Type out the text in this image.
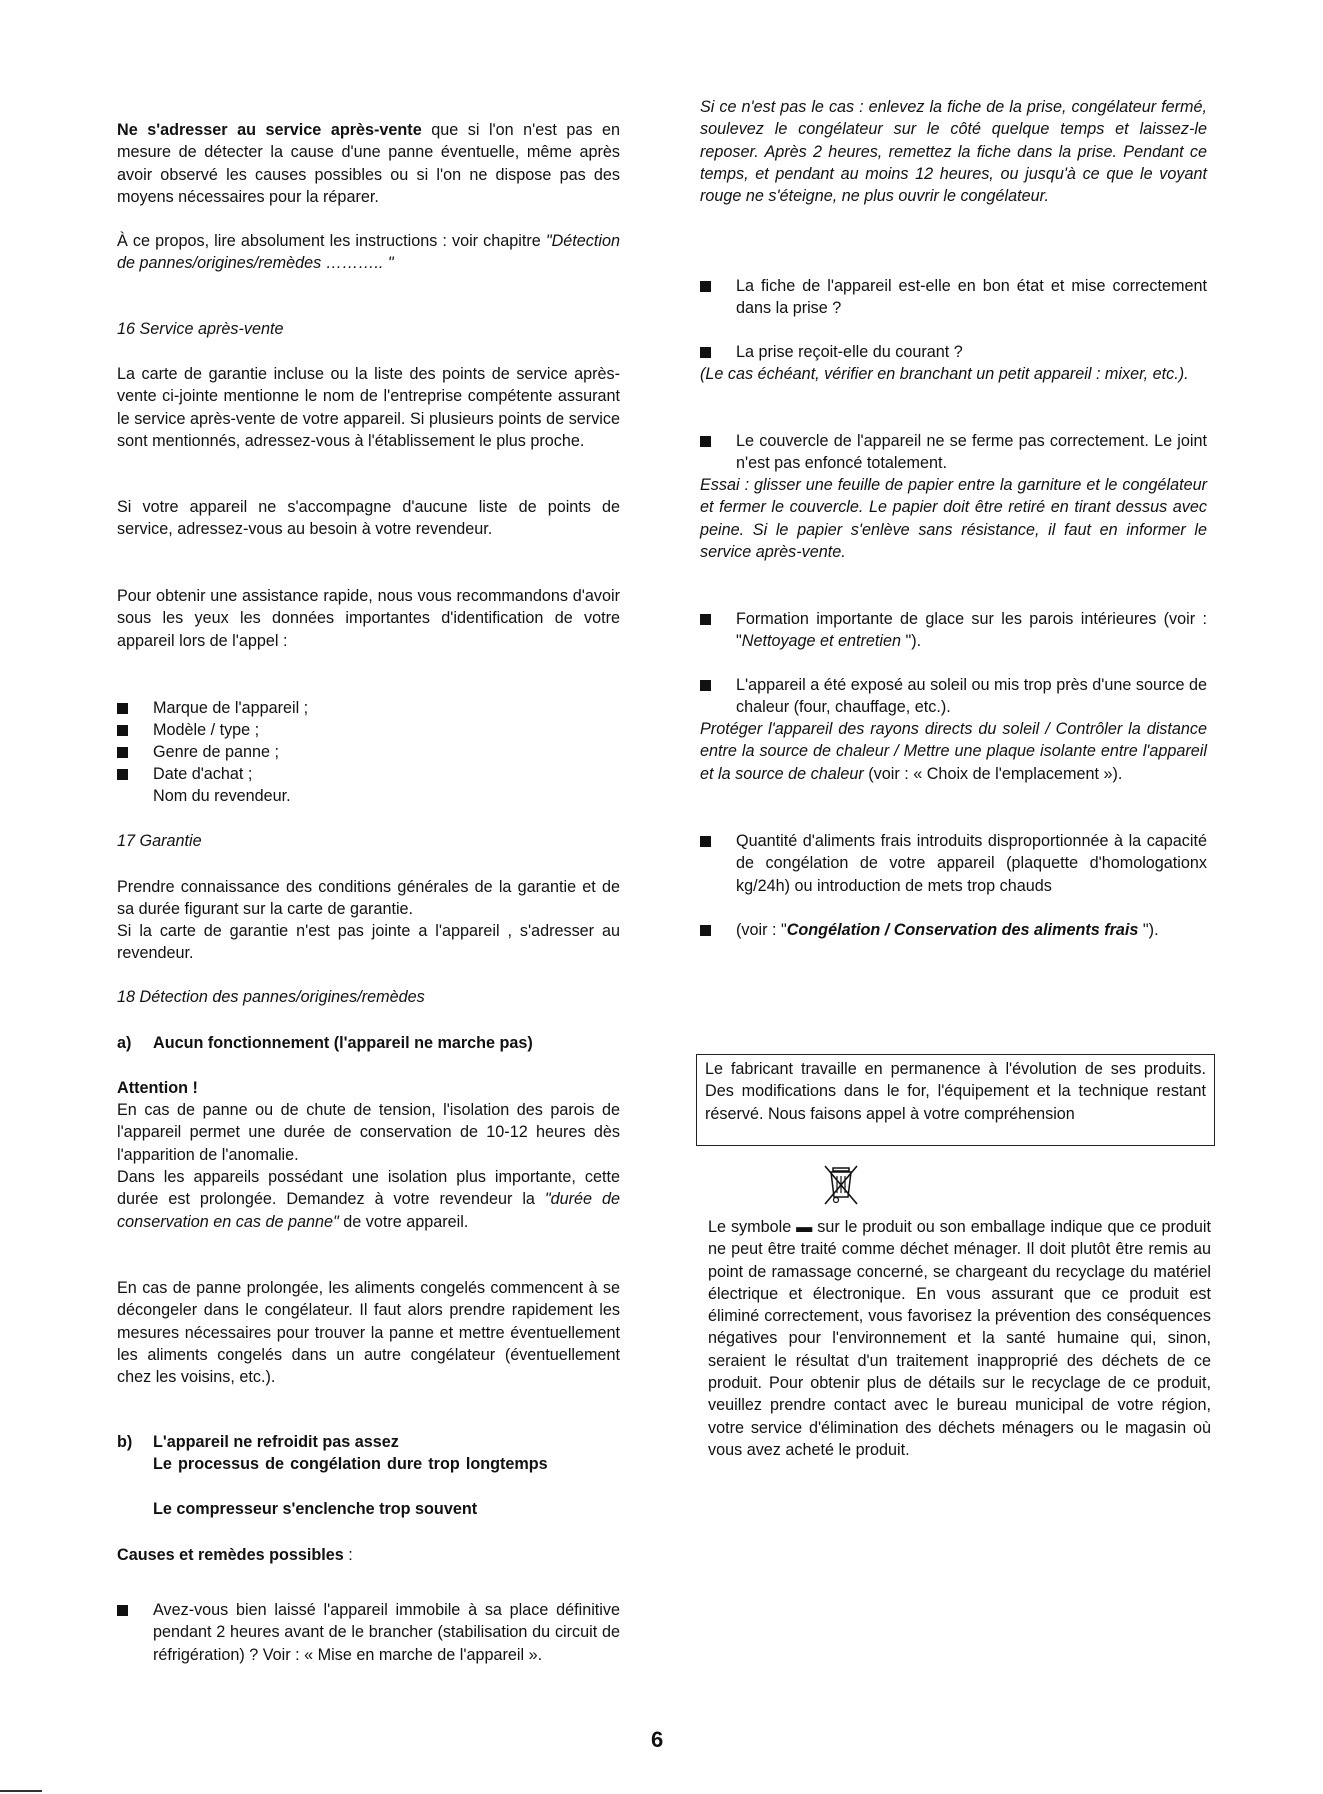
Ne s'adresser au service après-vente que si l'on n'est pas en mesure de détecter la cause d'une panne éventuelle, même après avoir observé les causes possibles ou si l'on ne dispose pas des moyens nécessaires pour la réparer.

À ce propos, lire absolument les instructions : voir chapitre "Détection de pannes/origines/remèdes ……….. "

16 Service après-vente

La carte de garantie incluse ou la liste des points de service après-vente ci-jointe mentionne le nom de l'entreprise compétente assurant le service après-vente de votre appareil. Si plusieurs points de service sont mentionnés, adressez-vous à l'établissement le plus proche.

Si votre appareil ne s'accompagne d'aucune liste de points de service, adressez-vous au besoin à votre revendeur.

Pour obtenir une assistance rapide, nous vous recommandons d'avoir sous les yeux les données importantes d'identification de votre appareil lors de l'appel :

Marque de l'appareil ;
Modèle / type ;
Genre de panne ;
Date d'achat ;
Nom du revendeur.
17 Garantie

Prendre connaissance des conditions générales de la garantie et de sa durée figurant sur la carte de garantie.

Si la carte de garantie n'est pas jointe a l'appareil , s'adresser au revendeur.

18 Détection des pannes/origines/remèdes
a) Aucun fonctionnement (l'appareil ne marche pas)
Attention !

En cas de panne ou de chute de tension, l'isolation des parois de l'appareil permet une durée de conservation de 10-12 heures dès l'apparition de l'anomalie.

Dans les appareils possédant une isolation plus importante, cette durée est prolongée. Demandez à votre revendeur la "durée de conservation en cas de panne" de votre appareil.

En cas de panne prolongée, les aliments congelés commencent à se décongeler dans le congélateur. Il faut alors prendre rapidement les mesures nécessaires pour trouver la panne et mettre éventuellement les aliments congelés dans un autre congélateur (éventuellement chez les voisins, etc.).

b) L'appareil ne refroidit pas assez
Le processus de congélation dure trop longtemps
Le compresseur s'enclenche trop souvent

Causes et remèdes possibles :

Avez-vous bien laissé l'appareil immobile à sa place définitive pendant 2 heures avant de le brancher (stabilisation du circuit de réfrigération) ? Voir : « Mise en marche de l'appareil ».

Si ce n'est pas le cas : enlevez la fiche de la prise, congélateur fermé, soulevez le congélateur sur le côté quelque temps et laissez-le reposer. Après 2 heures, remettez la fiche dans la prise. Pendant ce temps, et pendant au moins 12 heures, ou jusqu'à ce que le voyant rouge ne s'éteigne, ne plus ouvrir le congélateur.

La fiche de l'appareil est-elle en bon état et mise correctement dans la prise ?
La prise reçoit-elle du courant ?

(Le cas échéant, vérifier en branchant un petit appareil : mixer, etc.).

Le couvercle de l'appareil ne se ferme pas correctement. Le joint n'est pas enfoncé totalement.

Essai : glisser une feuille de papier entre la garniture et le congélateur et fermer le couvercle. Le papier doit être retiré en tirant dessus avec peine. Si le papier s'enlève sans résistance, il faut en informer le service après-vente.

Formation importante de glace sur les parois intérieures (voir : "Nettoyage et entretien ").
L'appareil a été exposé au soleil ou mis trop près d'une source de chaleur (four, chauffage, etc.).

Protéger l'appareil des rayons directs du soleil / Contrôler la distance entre la source de chaleur / Mettre une plaque isolante entre l'appareil et la source de chaleur (voir : « Choix de l'emplacement »).

Quantité d'aliments frais introduits disproportionnée à la capacité de congélation de votre appareil (plaquette d'homologationx kg/24h) ou introduction de mets trop chauds
(voir : "Congélation / Conservation des aliments frais ").
Le fabricant travaille en permanence à l'évolution de ses produits. Des modifications dans le for, l'équipement et la technique restant réservé. Nous faisons appel à votre compréhension

Le symbole ▬ sur le produit ou son emballage indique que ce produit ne peut être traité comme déchet ménager. Il doit plutôt être remis au point de ramassage concerné, se chargeant du recyclage du matériel électrique et électronique. En vous assurant que ce produit est éliminé correctement, vous favorisez la prévention des conséquences négatives pour l'environnement et la santé humaine qui, sinon, seraient le résultat d'un traitement inapproprié des déchets de ce produit. Pour obtenir plus de détails sur le recyclage de ce produit, veuillez prendre contact avec le bureau municipal de votre région, votre service d'élimination des déchets ménagers ou le magasin où vous avez acheté le produit.

6
